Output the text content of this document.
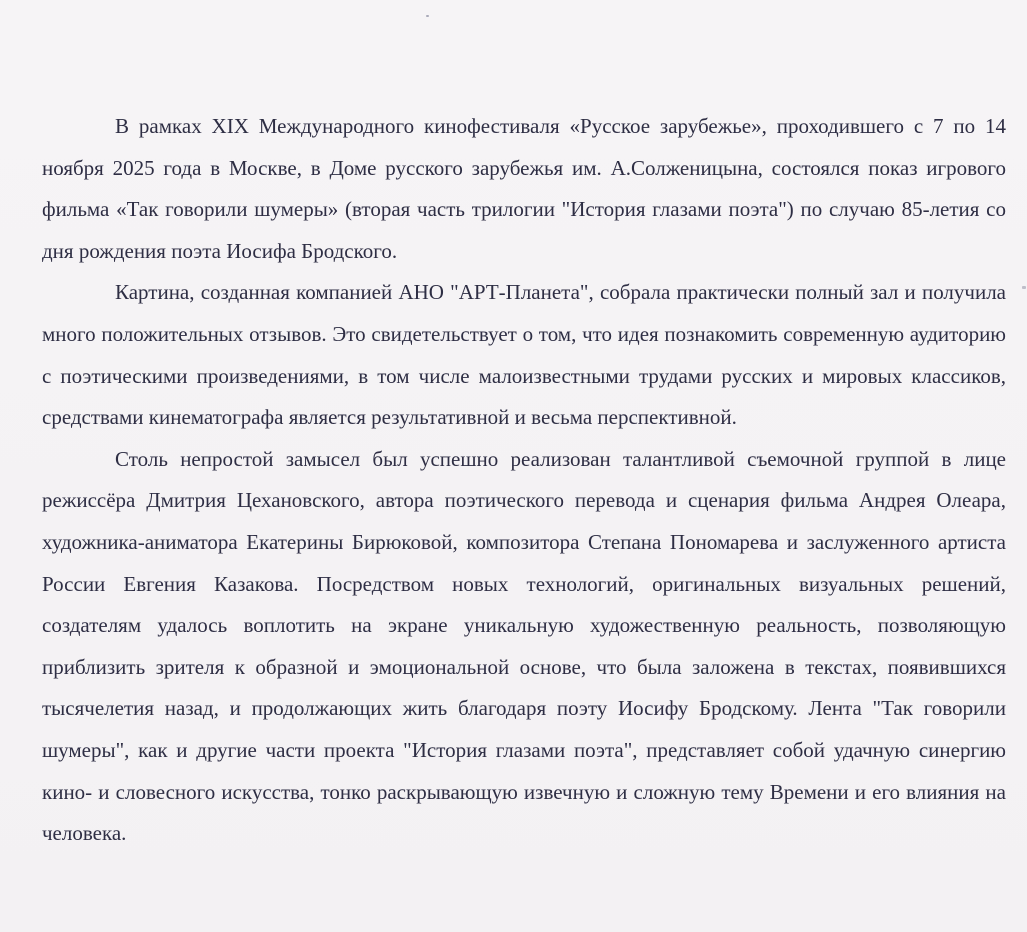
В рамках XIX Международного кинофестиваля «Русское зарубежье», проходившего с 7 по 14 ноября 2025 года в Москве, в Доме русского зарубежья им. А.Солженицына, состоялся показ игрового фильма «Так говорили шумеры» (вторая часть трилогии "История глазами поэта") по случаю 85-летия со дня рождения поэта Иосифа Бродского.

Картина, созданная компанией АНО "АРТ-Планета", собрала практически полный зал и получила много положительных отзывов. Это свидетельствует о том, что идея познакомить современную аудиторию с поэтическими произведениями, в том числе малоизвестными трудами русских и мировых классиков, средствами кинематографа является результативной и весьма перспективной.

Столь непростой замысел был успешно реализован талантливой съемочной группой в лице режиссёра Дмитрия Цехановского, автора поэтического перевода и сценария фильма Андрея Олеара, художника-аниматора Екатерины Бирюковой, композитора Степана Пономарева и заслуженного артиста России Евгения Казакова. Посредством новых технологий, оригинальных визуальных решений, создателям удалось воплотить на экране уникальную художественную реальность, позволяющую приблизить зрителя к образной и эмоциональной основе, что была заложена в текстах, появившихся тысячелетия назад, и продолжающих жить благодаря поэту Иосифу Бродскому. Лента "Так говорили шумеры", как и другие части проекта "История глазами поэта", представляет собой удачную синергию кино- и словесного искусства, тонко раскрывающую извечную и сложную тему Времени и его влияния на человека.
